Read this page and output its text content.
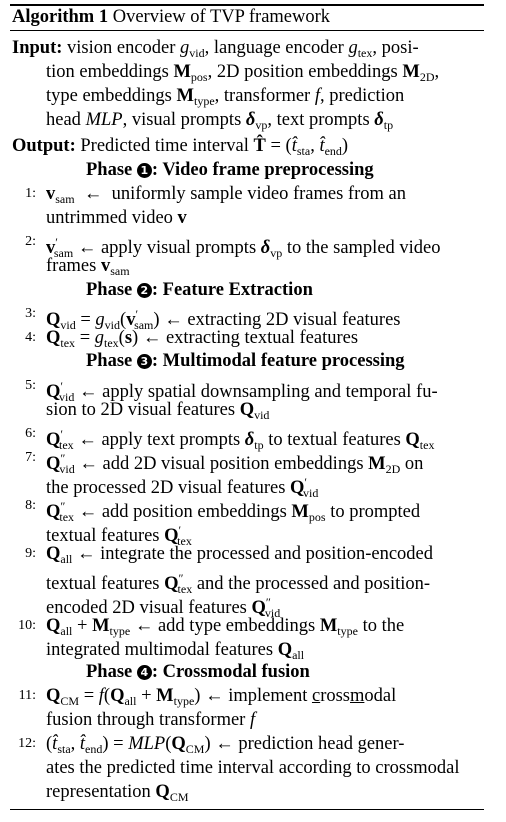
Algorithm 1 Overview of TVP framework
Input: vision encoder $g_{vid}$, language encoder $g_{tex}$, posi-
tion embeddings $M_{pos}$, 2D position embeddings $M_{2D}$,
type embeddings $M_{type}$, transformer f, prediction
head MLP, visual prompts $\delta_{vp}$, text prompts $\delta_{tp}$
Output: Predicted time interval T̂ = ($t̂_{sta}$, $t̂_{end}$)
Phase 1 : Video frame preprocessing
1: $v_{sam}$  ←  uniformly sample video frames from an
untrimmed video v
2: $v'_{sam}$ ← apply visual prompts $\delta_{vp}$ to the sampled video
frames $v_{sam}$
Phase 2 : Feature Extraction
3: $Q_{vid} = g_{vid}(v'_{sam})$ ← extracting 2D visual features
4: $Q_{tex} = g_{tex}(s)$ ← extracting textual features
Phase 3 : Multimodal feature processing
5: $Q'_{vid}$ ← apply spatial downsampling and temporal fu-
sion to 2D visual features $Q_{vid}$
6: $Q'_{tex}$ ← apply text prompts $\delta_{tp}$ to textual features $Q_{tex}$
7: $Q''_{vid}$ ← add 2D visual position embeddings $M_{2D}$ on
the processed 2D visual features $Q'_{vid}$
8: $Q''_{tex}$ ← add position embeddings $M_{pos}$ to prompted
textual features $Q'_{tex}$
9: $Q_{all}$ ← integrate the processed and position-encoded
textual features $Q''_{tex}$ and the processed and position-
encoded 2D visual features $Q''_{vid}$
10: $Q_{all} + M_{type}$ ← add type embeddings $M_{type}$ to the
integrated multimodal features $Q_{all}$
Phase 4 : Crossmodal fusion
11: $Q_{CM} = f(Q_{all} + M_{type})$ ← implement crossmodal
fusion through transformer f
12: ($t̂_{sta}$, $t̂_{end}) = MLP(Q_{CM})$ ← prediction head gener-
ates the predicted time interval according to crossmodal
representation $Q_{CM}$
